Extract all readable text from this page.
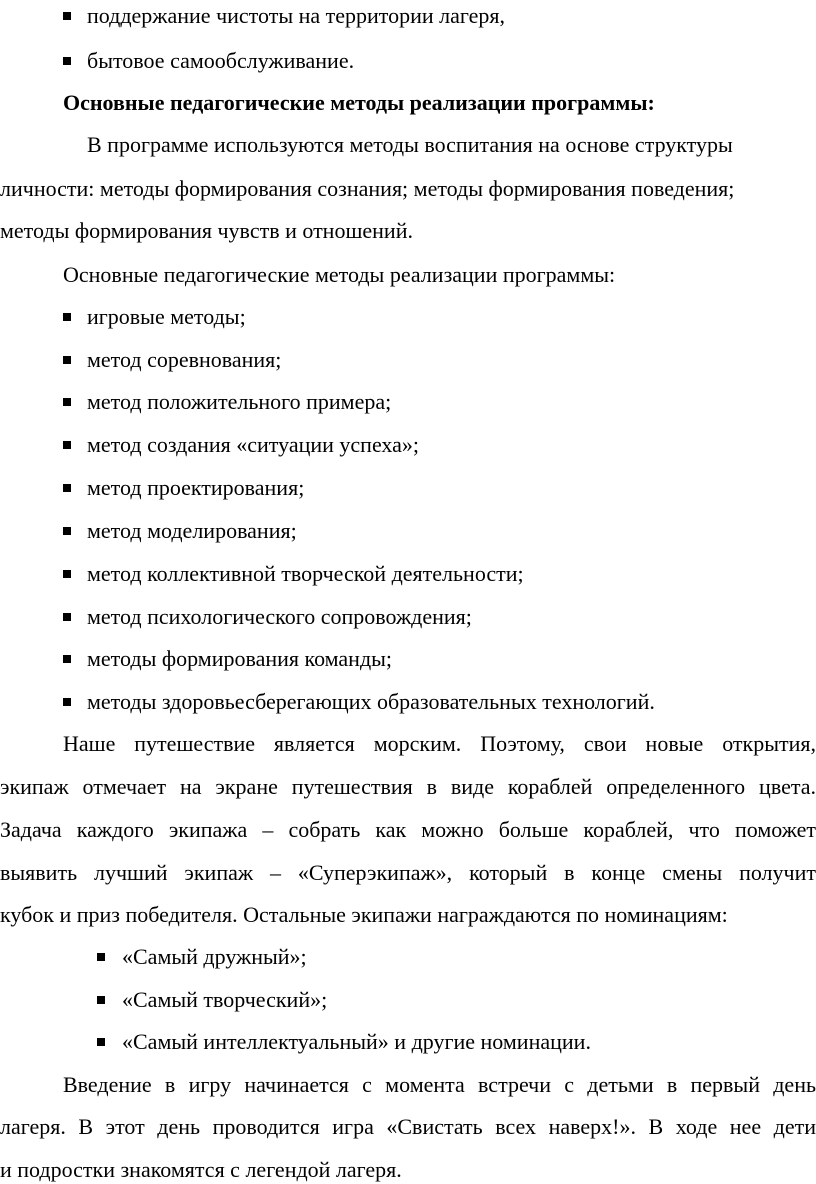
поддержание чистоты на территории лагеря,
бытовое самообслуживание.
Основные педагогические методы реализации программы:
В программе используются методы воспитания на основе структуры
личности: методы формирования сознания; методы формирования поведения;
методы формирования чувств и отношений.
Основные педагогические методы реализации программы:
игровые методы;
метод соревнования;
метод положительного примера;
метод создания «ситуации успеха»;
метод проектирования;
метод моделирования;
метод коллективной творческой деятельности;
метод психологического сопровождения;
методы формирования команды;
методы здоровьесберегающих образовательных технологий.
Наше путешествие является морским. Поэтому, свои новые открытия,
экипаж отмечает на экране путешествия в виде кораблей определенного цвета.
Задача каждого экипажа – собрать как можно больше кораблей, что поможет
выявить лучший экипаж – «Суперэкипаж», который в конце смены получит
кубок и приз победителя. Остальные экипажи награждаются по номинациям:
«Самый дружный»;
«Самый творческий»;
«Самый интеллектуальный» и другие номинации.
Введение в игру начинается с момента встречи с детьми в первый день
лагеря. В этот день проводится игра «Свистать всех наверх!». В ходе нее дети
и подростки знакомятся с легендой лагеря.
